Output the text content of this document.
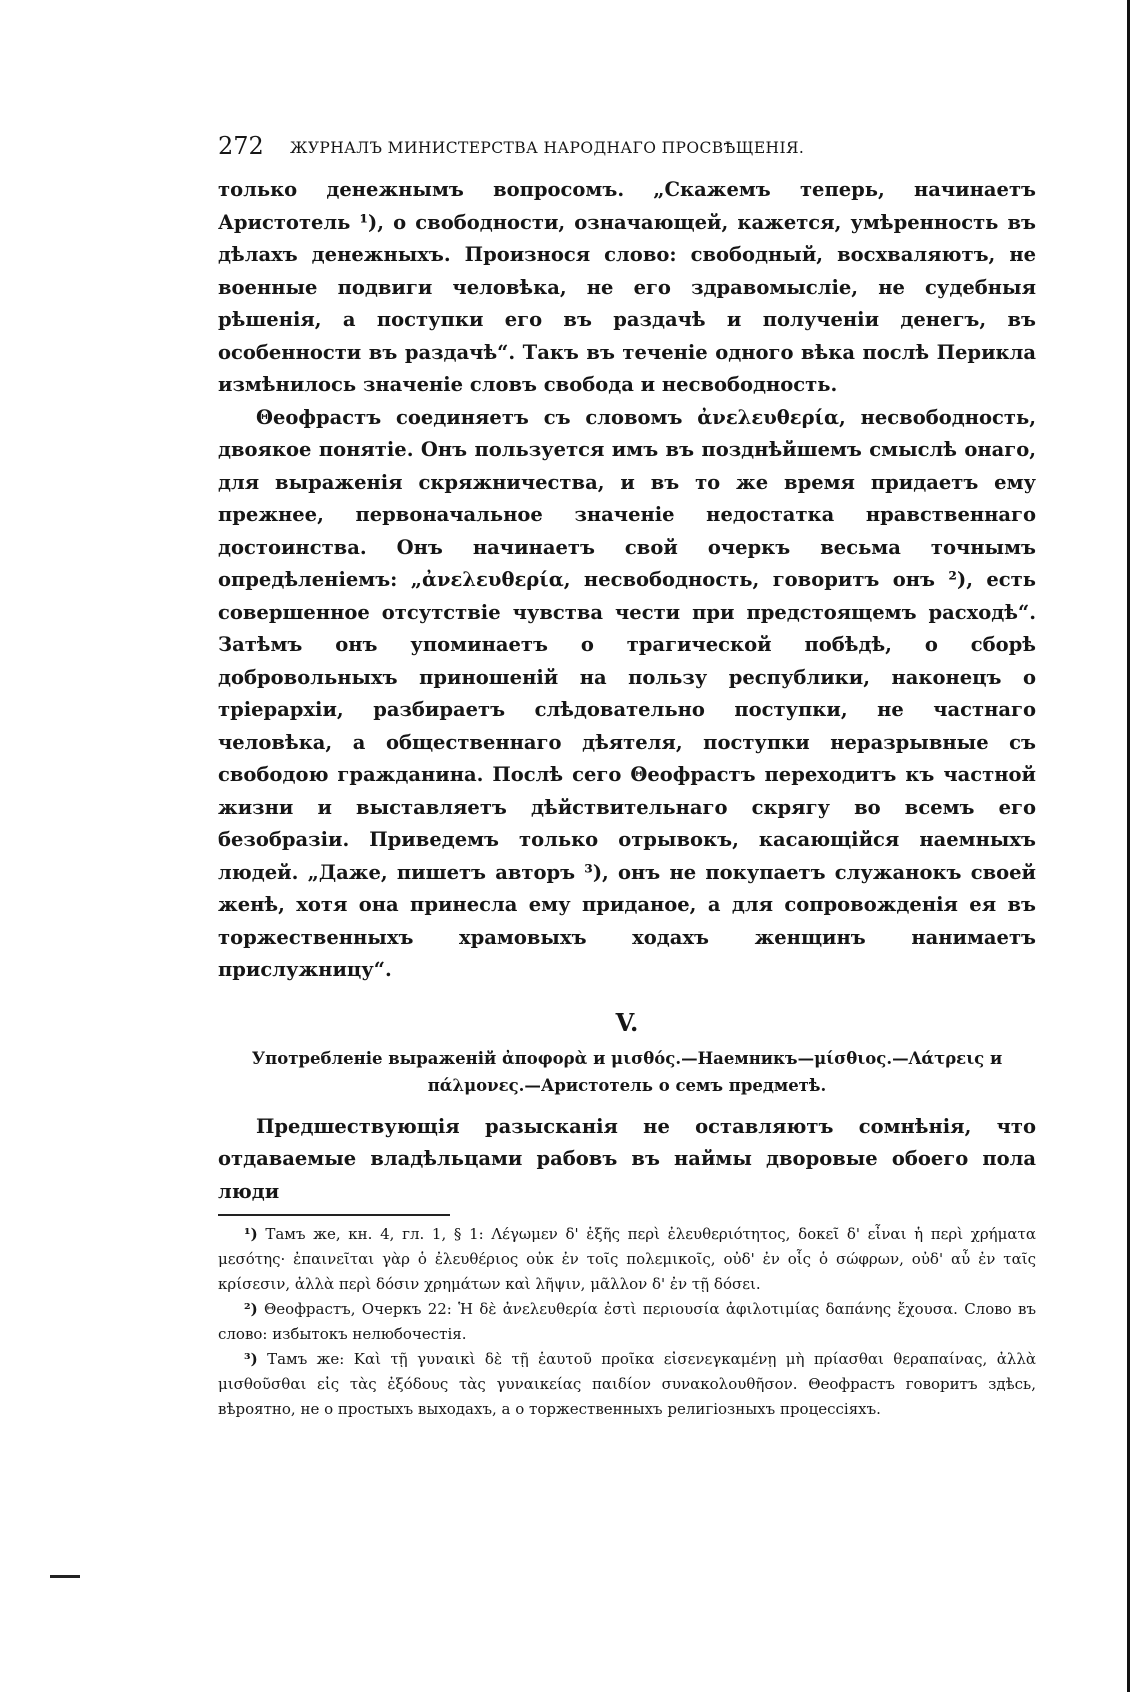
272 ЖУРНАЛЪ МИНИСТЕРСТВА НАРОДНАГО ПРОСВѢЩЕНІЯ.

только денежнымъ вопросомъ. „Скажемъ теперь, начинаетъ Аристотель ¹), о свободности, означающей, кажется, умѣренность въ дѣлахъ денежныхъ. Произнося слово: свободный, восхваляютъ, не военные подвиги человѣка, не его здравомысліе, не судебныя рѣшенія, а поступки его въ раздачѣ и полученіи денегъ, въ особенности въ раздачѣ“. Такъ въ теченіе одного вѣка послѣ Перикла измѣнилось значеніе словъ свобода и несвободность.

Θеофрастъ соединяетъ съ словомъ ἀνελευθερία, несвободность, двоякое понятіе. Онъ пользуется имъ въ позднѣйшемъ смыслѣ онаго, для выраженія скряжничества, и въ то же время придаетъ ему прежнее, первоначальное значеніе недостатка нравственнаго достоинства. Онъ начинаетъ свой очеркъ весьма точнымъ опредѣленіемъ: „ἀνελευθερία, несвободность, говоритъ онъ ²), есть совершенное отсутствіе чувства чести при предстоящемъ расходѣ“. Затѣмъ онъ упоминаетъ о трагической побѣдѣ, о сборѣ добровольныхъ приношеній на пользу республики, наконецъ о тріерархіи, разбираетъ слѣдовательно поступки, не частнаго человѣка, а общественнаго дѣятеля, поступки неразрывные съ свободою гражданина. Послѣ сего Θеофрастъ переходитъ къ частной жизни и выставляетъ дѣйствительнаго скрягу во всемъ его безобразіи. Приведемъ только отрывокъ, касающійся наемныхъ людей. „Даже, пишетъ авторъ ³), онъ не покупаетъ служанокъ своей женѣ, хотя она принесла ему приданое, а для сопровожденія ея въ торжественныхъ храмовыхъ ходахъ женщинъ нанимаетъ прислужницу“.

V.

Употребленіе выраженій ἀποφορὰ и μισθός.—Наемникъ—μίσθιος.—Λάτρεις и πάλμονες.—Аристотель о семъ предметѣ.

Предшествующія разысканія не оставляютъ сомнѣнія, что отдаваемые владѣльцами рабовъ въ наймы дворовые обоего пола люди

¹) Тамъ же, кн. 4, гл. 1, § 1: Λέγωμεν δ' ἑξῆς περὶ ἐλευθεριότητος, δοκεῖ δ' εἶναι ἡ περὶ χρήματα μεσότης· ἐπαινεῖται γὰρ ὁ ἐλευθέριος οὐκ ἐν τοῖς πολεμικοῖς, οὐδ' ἐν οἷς ὁ σώφρων, οὐδ' αὖ ἐν ταῖς κρίσεσιν, ἀλλὰ περὶ δόσιν χρημάτων καὶ λῆψιν, μᾶλλον δ' ἐν τῇ δόσει.

²) Θеофрастъ, Очеркъ 22: Ἡ δὲ ἀνελευθερία ἐστὶ περιουσία ἀφιλοτιμίας δαπάνης ἔχουσα. Слово въ слово: избытокъ нелюбочестія.

³) Тамъ же: Καὶ τῇ γυναικὶ δὲ τῇ ἑαυτοῦ προῖκα εἰσενεγκαμένῃ μὴ πρίασθαι θεραπαίνας, ἀλλὰ μισθοῦσθαι εἰς τὰς ἐξόδους τὰς γυναικείας παιδίον συνακολουθῆσον. Θеофрастъ говоритъ здѣсь, вѣроятно, не о простыхъ выходахъ, а о торжественныхъ религіозныхъ процессіяхъ.
